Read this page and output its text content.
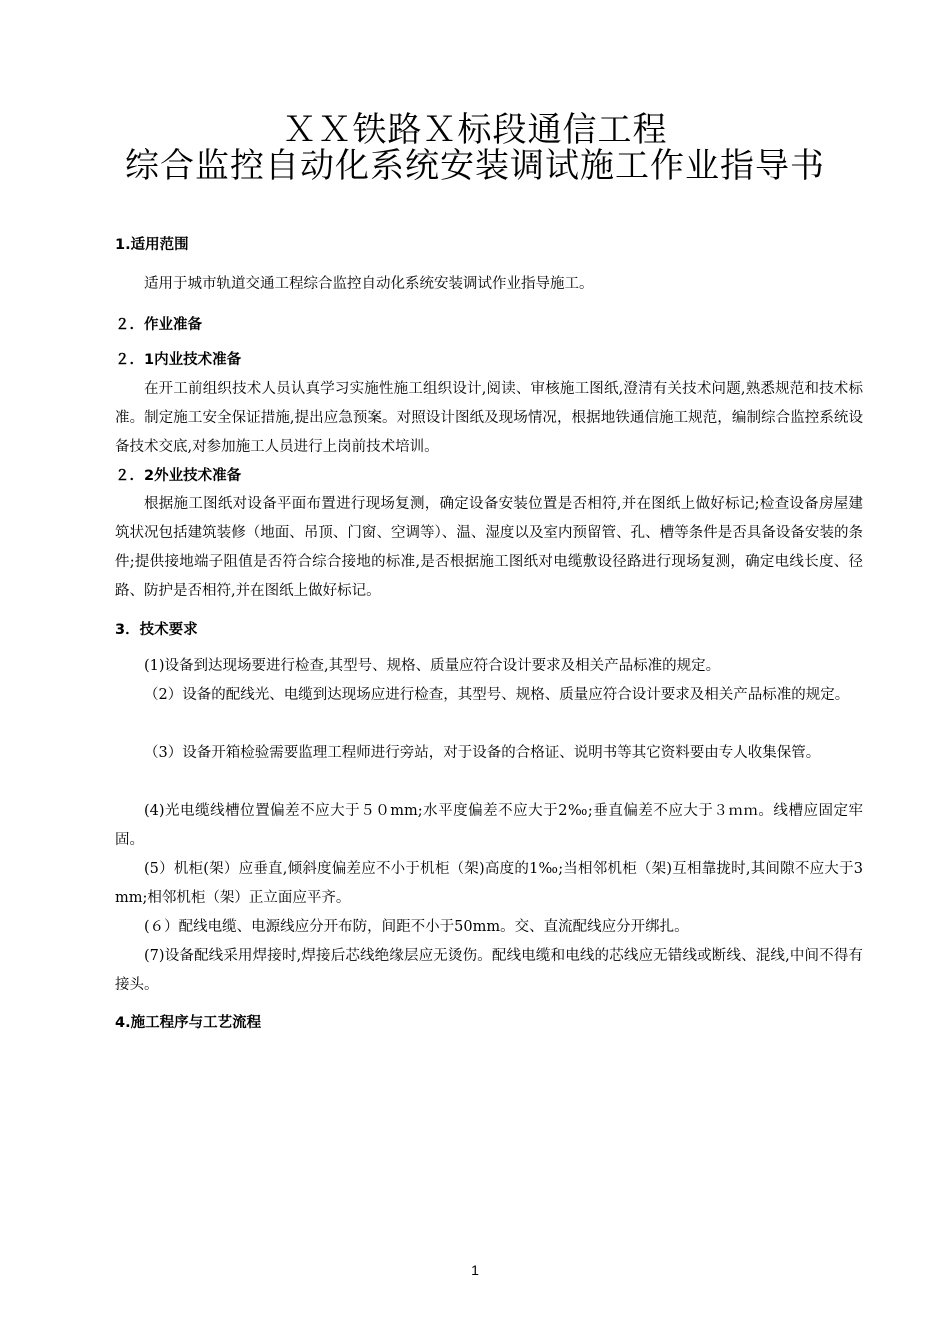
ＸＸ铁路Ｘ标段通信工程
综合监控自动化系统安装调试施工作业指导书
1.适用范围

适用于城市轨道交通工程综合监控自动化系统安装调试作业指导施工。

２．作业准备
２．1内业技术准备

在开工前组织技术人员认真学习实施性施工组织设计,阅读、审核施工图纸,澄清有关技术问题,熟悉规范和技术标准。制定施工安全保证措施,提出应急预案。对照设计图纸及现场情况，根据地铁通信施工规范，编制综合监控系统设备技术交底,对参加施工人员进行上岗前技术培训。

２．2外业技术准备

根据施工图纸对设备平面布置进行现场复测，确定设备安装位置是否相符,并在图纸上做好标记;检查设备房屋建筑状况包括建筑装修（地面、吊顶、门窗、空调等）、温、湿度以及室内预留管、孔、槽等条件是否具备设备安装的条件;提供接地端子阻值是否符合综合接地的标准,是否根据施工图纸对电缆敷设径路进行现场复测，确定电线长度、径路、防护是否相符,并在图纸上做好标记。

3．技术要求

(1)设备到达现场要进行检查,其型号、规格、质量应符合设计要求及相关产品标准的规定。

（2）设备的配线光、电缆到达现场应进行检查，其型号、规格、质量应符合设计要求及相关产品标准的规定。

（3）设备开箱检验需要监理工程师进行旁站，对于设备的合格证、说明书等其它资料要由专人收集保管。

(4)光电缆线槽位置偏差不应大于５０mm;水平度偏差不应大于2‰;垂直偏差不应大于３ｍｍ。线槽应固定牢固。

(5）机柜(架）应垂直,倾斜度偏差应不小于机柜（架)高度的1‰;当相邻机柜（架)互相靠拢时,其间隙不应大于3mm;相邻机柜（架）正立面应平齐。

(６）配线电缆、电源线应分开布防，间距不小于50mm。交、直流配线应分开绑扎。

(7)设备配线采用焊接时,焊接后芯线绝缘层应无烫伤。配线电缆和电线的芯线应无错线或断线、混线,中间不得有接头。

4.施工程序与工艺流程
1
